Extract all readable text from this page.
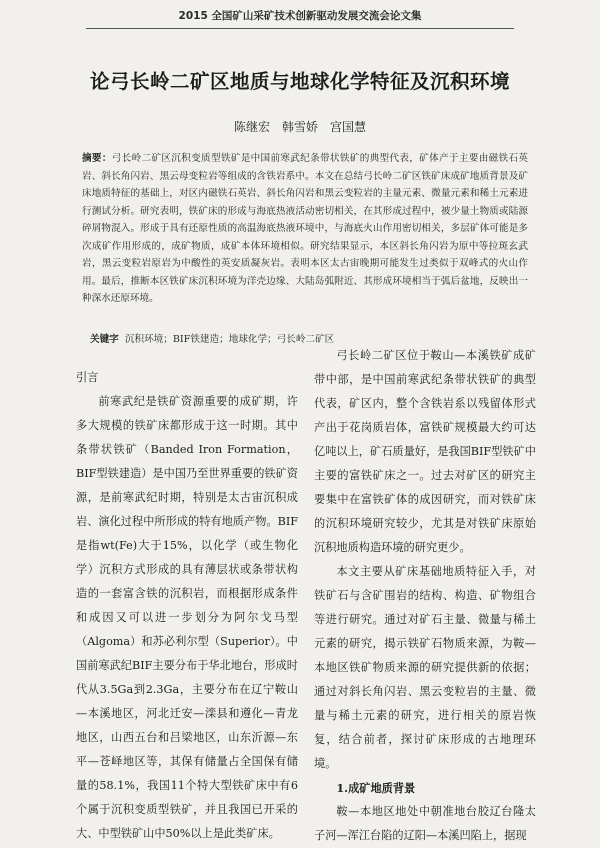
2015 全国矿山采矿技术创新驱动发展交流会论文集
论弓长岭二矿区地质与地球化学特征及沉积环境
陈继宏　韩雪娇　宫国慧
摘要：弓长岭二矿区沉积变质型铁矿是中国前寒武纪条带状铁矿的典型代表，矿体产于主要由磁铁石英岩、斜长角闪岩、黑云母变粒岩等组成的含铁岩系中。本文在总结弓长岭二矿区铁矿床成矿地质背景及矿床地质特征的基础上，对区内磁铁石英岩、斜长角闪岩和黑云变粒岩的主量元素、微量元素和稀土元素进行测试分析。研究表明，铁矿床的形成与海底热液活动密切相关，在其形成过程中，被少量土物质或陆源碎屑物混入。形成于具有还原性质的高温海底热液环境中，与海底火山作用密切相关，多层矿体可能是多次成矿作用形成的，成矿物质，成矿本体环境相似。研究结果显示，本区斜长角闪岩为原中等拉斑玄武岩，黑云变粒岩原岩为中酸性的英安质凝灰岩。表明本区太古宙晚期可能发生过类似于双峰式的火山作用。最后，推断本区铁矿床沉积环境为洋壳边缘、大陆岛弧附近、其形成环境相当于弧后盆地，反映出一种深水还原环境。
关键字 沉积环境；BIF铁建造；地球化学；弓长岭二矿区

引言

前寒武纪是铁矿资源重要的成矿期，许多大规模的铁矿床都形成于这一时期。其中条带状铁矿（Banded Iron Formation，BIF型铁建造）是中国乃至世界重要的铁矿资源，是前寒武纪时期，特别是太古宙沉积成岩、演化过程中所形成的特有地质产物。BIF是指wt(Fe)大于15%，以化学（或生物化学）沉积方式形成的具有薄层状或条带状构造的一套富含铁的沉积岩，而根据形成条件和成因又可以进一步划分为阿尔戈马型（Algoma）和苏必利尔型（Superior）。中国前寒武纪BIF主要分布于华北地台，形成时代从3.5Ga到2.3Ga，主要分布在辽宁鞍山—本溪地区，河北迁安—滦县和遵化—青龙地区，山西五台和吕梁地区，山东沂源—东平—苍峄地区等，其保有储量占全国保有储量的58.1%，我国11个特大型铁矿床中有6个属于沉积变质型铁矿，并且我国已开采的大、中型铁矿山中50%以上是此类矿床。

弓长岭二矿区位于鞍山—本溪铁矿成矿带中部，是中国前寒武纪条带状铁矿的典型代表，矿区内，整个含铁岩系以残留体形式产出于花岗质岩体，富铁矿规模最大约可达亿吨以上，矿石质量好，是我国BIF型铁矿中主要的富铁矿床之一。过去对矿区的研究主要集中在富铁矿体的成因研究，而对铁矿床的沉积环境研究较少，尤其是对铁矿床原始沉积地质构造环境的研究更少。

本文主要从矿床基础地质特征入手，对铁矿石与含矿围岩的结构、构造、矿物组合等进行研究。通过对矿石主量、微量与稀土元素的研究，揭示铁矿石物质来源，为鞍—本地区铁矿物质来源的研究提供新的依据；通过对斜长角闪岩、黑云变粒岩的主量、微量与稀土元素的研究，进行相关的原岩恢复，结合前者，探讨矿床形成的古地理环境。

1.成矿地质背景

鞍—本地区地处中朝准地台胶辽台隆太子河—浑江台陷的辽阳—本溪凹陷上，据现
